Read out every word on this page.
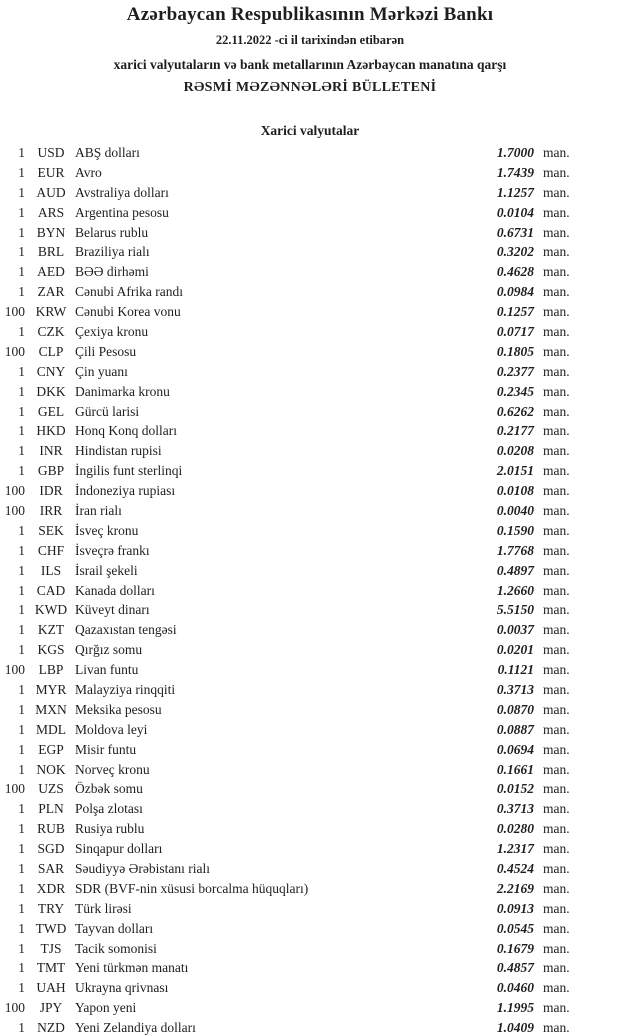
Azərbaycan Respublikasının Mərkəzi Bankı
22.11.2022 -ci il tarixindən etibarən
xarici valyutaların və bank metallarının Azərbaycan manatına qarşı
RƏSMİ MƏZƏNNƏLƏRİ BÜLLETENİ
Xarici valyutalar
1 USD ABŞ dolları	1.7000 man.
1 EUR Avro	1.7439 man.
1 AUD Avstraliya dolları	1.1257 man.
1 ARS Argentina pesosu	0.0104 man.
1 BYN Belarus rublu	0.6731 man.
1 BRL Braziliya rialı	0.3202 man.
1 AED BƏƏ dirhəmi	0.4628 man.
1 ZAR Cənubi Afrika randı	0.0984 man.
100 KRW Cənubi Korea vonu	0.1257 man.
1 CZK Çexiya kronu	0.0717 man.
100	CLP Çili Pesosu	0.1805 man.
1 CNY Çin yuanı	0.2377 man.
1 DKK Danimarka kronu	0.2345 man.
1 GEL Gürcü larisi	0.6262 man.
1 HKD Honq Konq dolları	0.2177 man.
1	INR Hindistan rupisi	0.0208 man.
1 GBP İngilis funt sterlinqi	2.0151 man.
100	IDR İndoneziya rupiası	0.0108 man.
100	IRR İran rialı	0.0040 man.
1 SEK İsveç kronu	0.1590 man.
1 CHF İsveçrə frankı	1.7768 man.
1	ILS	İsrail şekeli	0.4897 man.
1 CAD Kanada dolları	1.2660 man.
1 KWD Küveyt dinarı	5.5150 man.
1 KZT Qazaxıstan tengəsi	0.0037 man.
1 KGS Qırğız somu	0.0201 man.
100	LBP Livan funtu	0.1121 man.
1 MYR Malayziya rinqqiti	0.3713 man.
1 MXN Meksika pesosu	0.0870 man.
1 MDL Moldova leyi	0.0887 man.
1 EGP Misir funtu	0.0694 man.
1 NOK Norveç kronu	0.1661 man.
100 UZS Özbək somu	0.0152 man.
1 PLN Polşa zlotası	0.3713 man.
1 RUB Rusiya rublu	0.0280 man.
1 SGD Sinqapur dolları	1.2317 man.
1 SAR Səudiyyə Ərəbistanı rialı	0.4524 man.
1 XDR SDR (BVF-nin xüsusi borcalma hüquqları)	2.2169 man.
1 TRY Türk lirəsi	0.0913 man.
1 TWD Tayvan dolları	0.0545 man.
1	TJS	Tacik somonisi	0.1679 man.
1 TMT Yeni türkmən manatı	0.4857 man.
1 UAH Ukrayna qrivnası	0.0460 man.
100	JPY Yapon yeni	1.1995 man.
1 NZD Yeni Zelandiya dolları	1.0409 man.
